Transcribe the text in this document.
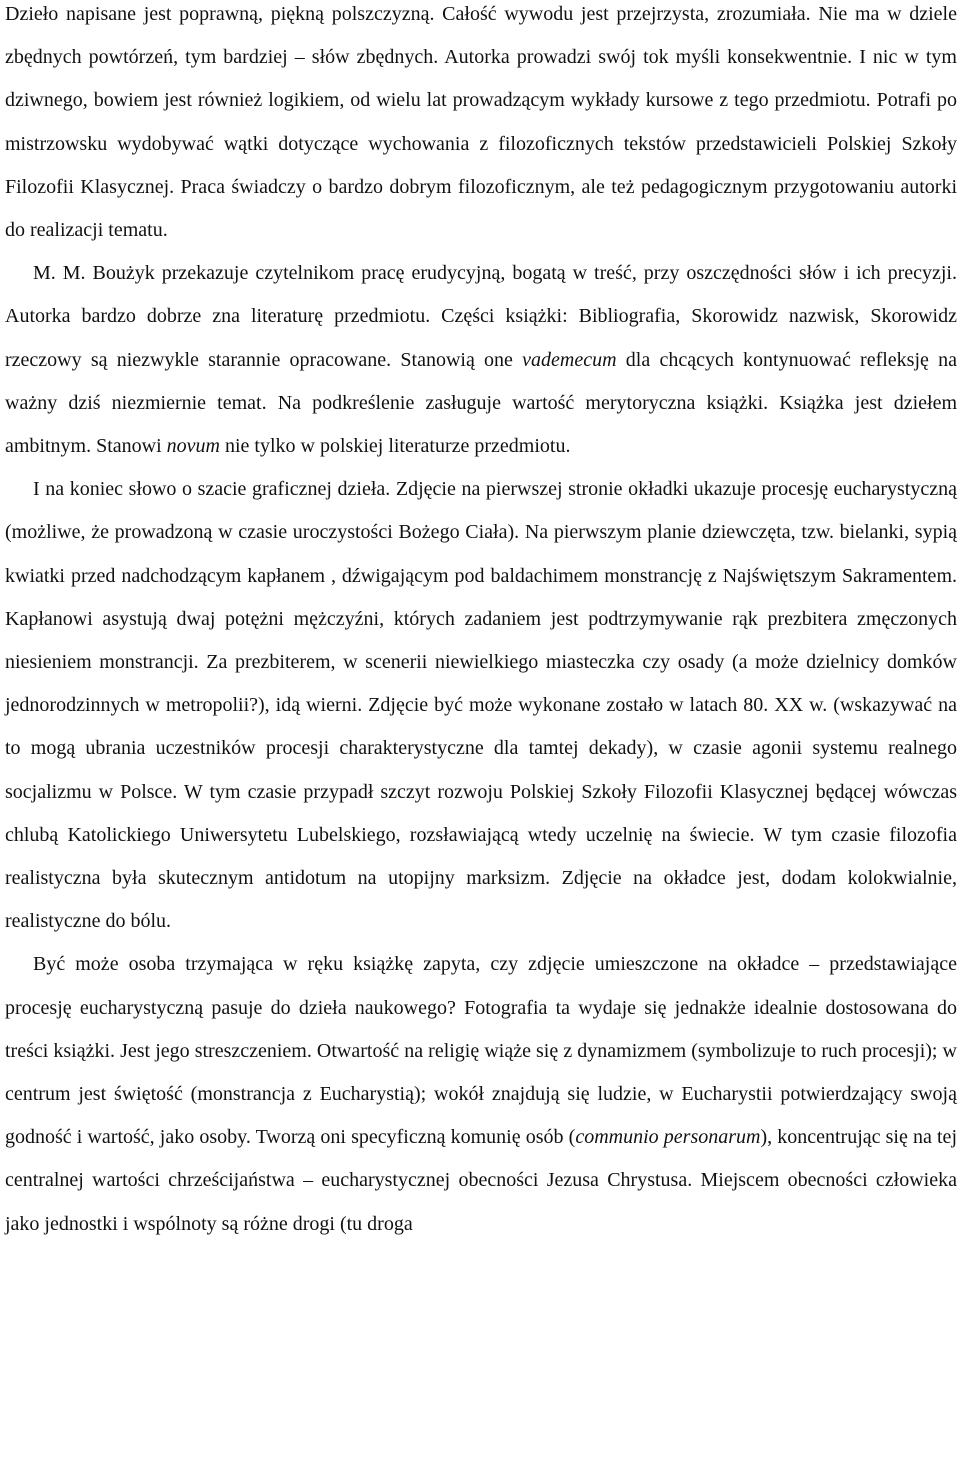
Dzieło napisane jest poprawną, piękną polszczyzną. Całość wywodu jest przejrzysta, zrozumiała. Nie ma w dziele zbędnych powtórzeń, tym bardziej – słów zbędnych. Autorka prowadzi swój tok myśli konsekwentnie. I nic w tym dziwnego, bowiem jest również logikiem, od wielu lat prowadzącym wykłady kursowe z tego przedmiotu. Potrafi po mistrzowsku wydobywać wątki dotyczące wychowania z filozoficznych tekstów przedstawicieli Polskiej Szkoły Filozofii Klasycznej. Praca świadczy o bardzo dobrym filozoficznym, ale też pedagogicznym przygotowaniu autorki do realizacji tematu.

M. M. Boużyk przekazuje czytelnikom pracę erudycyjną, bogatą w treść, przy oszczędności słów i ich precyzji. Autorka bardzo dobrze zna literaturę przedmiotu. Części książki: Bibliografia, Skorowidz nazwisk, Skorowidz rzeczowy są niezwykle starannie opracowane. Stanowią one vademecum dla chcących kontynuować refleksję na ważny dziś niezmiernie temat. Na podkreślenie zasługuje wartość merytoryczna książki. Książka jest dziełem ambitnym. Stanowi novum nie tylko w polskiej literaturze przedmiotu.

I na koniec słowo o szacie graficznej dzieła. Zdjęcie na pierwszej stronie okładki ukazuje procesję eucharystyczną (możliwe, że prowadzoną w czasie uroczystości Bożego Ciała). Na pierwszym planie dziewczęta, tzw. bielanki, sypią kwiatki przed nadchodzącym kapłanem , dźwigającym pod baldachimem monstrancję z Najświętszym Sakramentem. Kapłanowi asystują dwaj potężni mężczyźni, których zadaniem jest podtrzymywanie rąk prezbitera zmęczonych niesieniem monstrancji. Za prezbiterem, w scenerii niewielkiego miasteczka czy osady (a może dzielnicy domków jednorodzinnych w metropolii?), idą wierni. Zdjęcie być może wykonane zostało w latach 80. XX w. (wskazywać na to mogą ubrania uczestników procesji charakterystyczne dla tamtej dekady), w czasie agonii systemu realnego socjalizmu w Polsce. W tym czasie przypadł szczyt rozwoju Polskiej Szkoły Filozofii Klasycznej będącej wówczas chlubą Katolickiego Uniwersytetu Lubelskiego, rozsławiającą wtedy uczelnię na świecie. W tym czasie filozofia realistyczna była skutecznym antidotum na utopijny marksizm. Zdjęcie na okładce jest, dodam kolokwialnie, realistyczne do bólu.

Być może osoba trzymająca w ręku książkę zapyta, czy zdjęcie umieszczone na okładce – przedstawiające procesję eucharystyczną pasuje do dzieła naukowego? Fotografia ta wydaje się jednakże idealnie dostosowana do treści książki. Jest jego streszczeniem. Otwartość na religię wiąże się z dynamizmem (symbolizuje to ruch procesji); w centrum jest świętość (monstrancja z Eucharystią); wokół znajdują się ludzie, w Eucharystii potwierdzający swoją godność i wartość, jako osoby. Tworzą oni specyficzną komunię osób (communio personarum), koncentrując się na tej centralnej wartości chrześcijaństwa – eucharystycznej obecności Jezusa Chrystusa. Miejscem obecności człowieka jako jednostki i wspólnoty są różne drogi (tu droga
